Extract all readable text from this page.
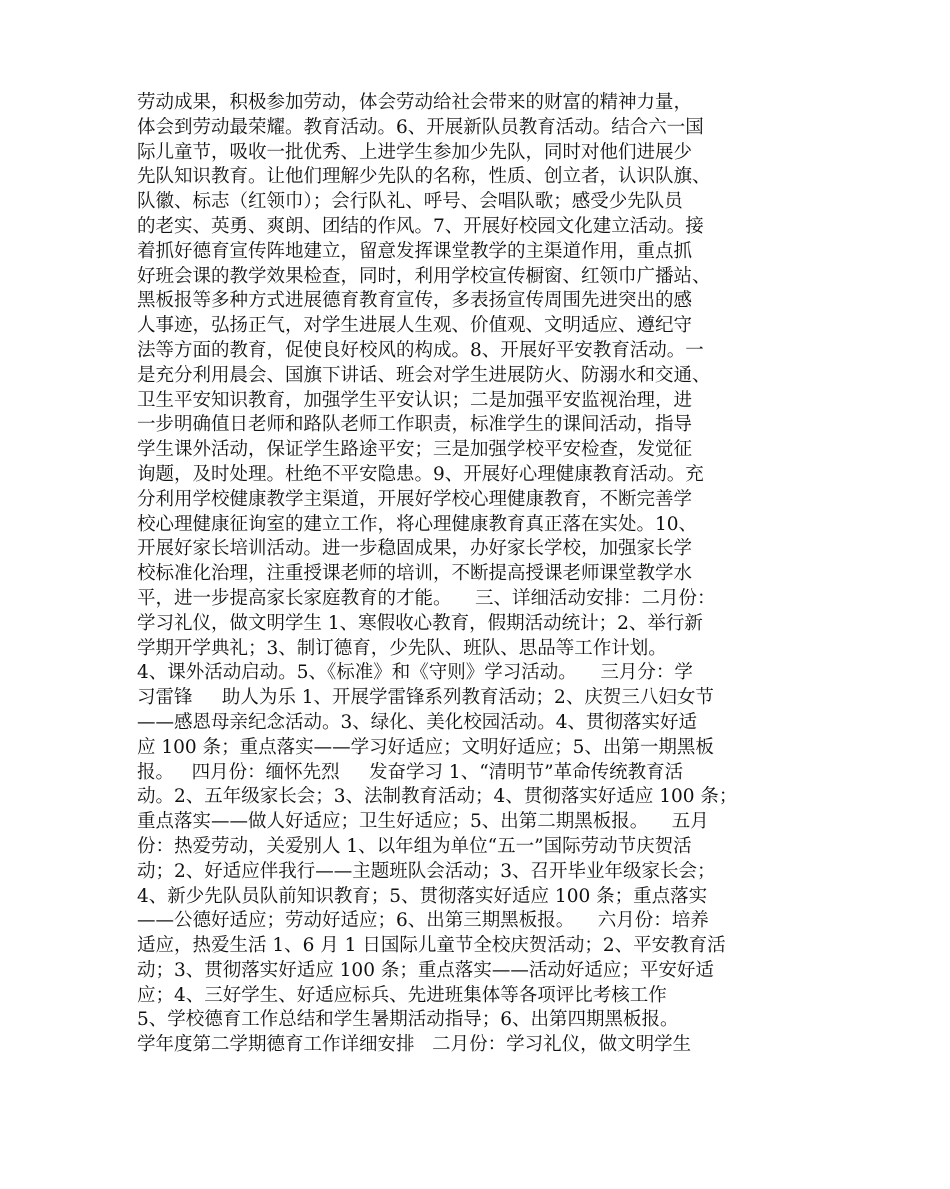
劳动成果，积极参加劳动，体会劳动给社会带来的财富的精神力量，
体会到劳动最荣耀。教育活动。6、开展新队员教育活动。结合六一国
际儿童节，吸收一批优秀、上进学生参加少先队，同时对他们进展少
先队知识教育。让他们理解少先队的名称，性质、创立者，认识队旗、
队徽、标志（红领巾）；会行队礼、呼号、会唱队歌；感受少先队员
的老实、英勇、爽朗、团结的作风。7、开展好校园文化建立活动。接
着抓好德育宣传阵地建立，留意发挥课堂教学的主渠道作用，重点抓
好班会课的教学效果检查，同时，利用学校宣传橱窗、红领巾广播站、
黑板报等多种方式进展德育教育宣传，多表扬宣传周围先进突出的感
人事迹，弘扬正气，对学生进展人生观、价值观、文明适应、遵纪守
法等方面的教育，促使良好校风的构成。8、开展好平安教育活动。一
是充分利用晨会、国旗下讲话、班会对学生进展防火、防溺水和交通、
卫生平安知识教育，加强学生平安认识；二是加强平安监视治理，进
一步明确值日老师和路队老师工作职责，标准学生的课间活动，指导
学生课外活动，保证学生路途平安；三是加强学校平安检查，发觉征
询题，及时处理。杜绝不平安隐患。9、开展好心理健康教育活动。充
分利用学校健康教学主渠道，开展好学校心理健康教育，不断完善学
校心理健康征询室的建立工作，将心理健康教育真正落在实处。10、
开展好家长培训活动。进一步稳固成果，办好家长学校，加强家长学
校标准化治理，注重授课老师的培训，不断提高授课老师课堂教学水
平，进一步提高家长家庭教育的才能。    三、详细活动安排：二月份：
学习礼仪，做文明学生 1、寒假收心教育，假期活动统计；2、举行新
学期开学典礼；3、制订德育，少先队、班队、思品等工作计划。
4、课外活动启动。5、《标准》和《守则》学习活动。    三月分：学
习雷锋     助人为乐 1、开展学雷锋系列教育活动；2、庆贺三八妇女节
——感恩母亲纪念活动。3、绿化、美化校园活动。4、贯彻落实好适
应 100 条；重点落实——学习好适应；文明好适应；5、出第一期黑板
报。   四月份：缅怀先烈     发奋学习 1、“清明节”革命传统教育活
动。2、五年级家长会；3、法制教育活动；4、贯彻落实好适应 100 条；
重点落实——做人好适应；卫生好适应；5、出第二期黑板报。    五月
份：热爱劳动，关爱别人 1、以年组为单位“五一”国际劳动节庆贺活
动；2、好适应伴我行——主题班队会活动；3、召开毕业年级家长会；
4、新少先队员队前知识教育；5、贯彻落实好适应 100 条；重点落实
——公德好适应；劳动好适应；6、出第三期黑板报。    六月份：培养
适应，热爱生活 1、6 月 1 日国际儿童节全校庆贺活动；2、平安教育活
动；3、贯彻落实好适应 100 条；重点落实——活动好适应；平安好适
应；4、三好学生、好适应标兵、先进班集体等各项评比考核工作
5、学校德育工作总结和学生暑期活动指导；6、出第四期黑板报。
学年度第二学期德育工作详细安排   二月份：学习礼仪，做文明学生
